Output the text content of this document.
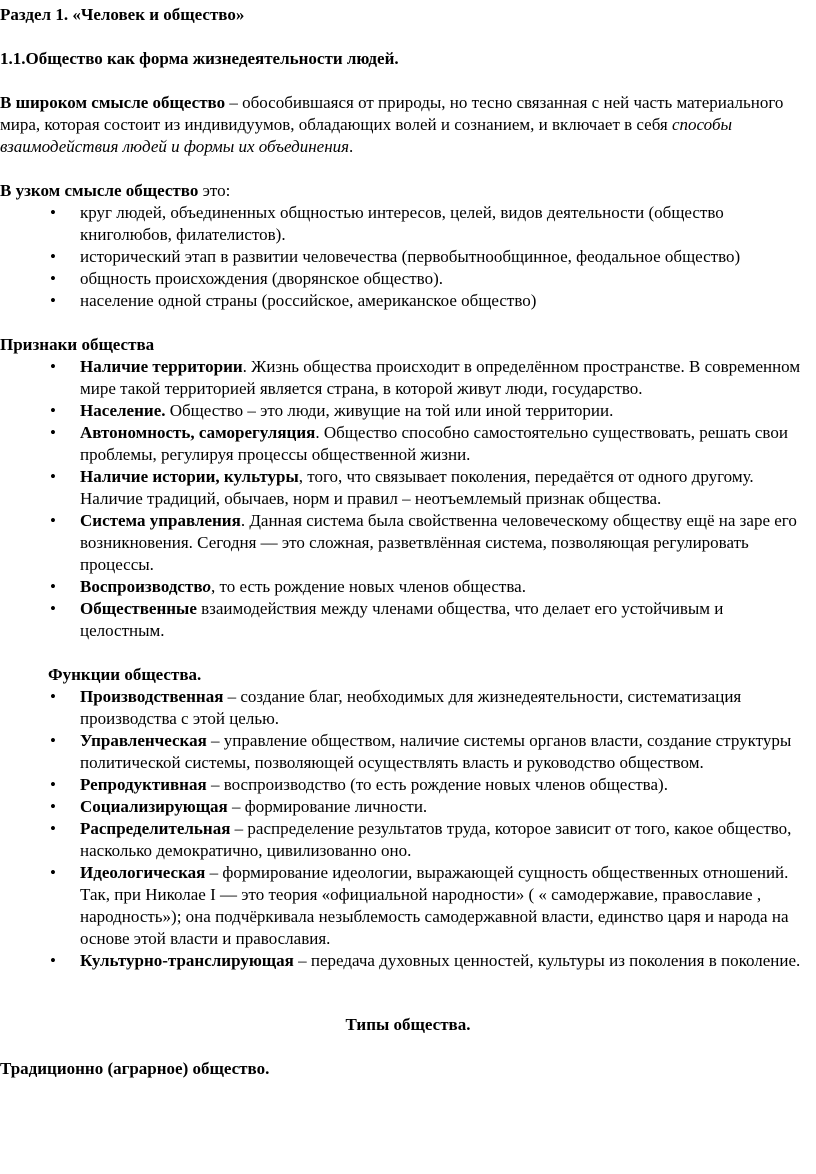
Раздел 1. «Человек и общество»

1.1.Общество как форма жизнедеятельности людей.

В широком смысле общество – обособившаяся от природы, но тесно связанная с ней часть материального мира, которая состоит из индивидуумов, обладающих волей и сознанием, и включает в себя способы взаимодействия людей и формы их объединения.

В узком смысле общество это:

• круг людей, объединенных общностью интересов, целей, видов деятельности (общество книголюбов, филателистов).
• исторический этап в развитии человечества (первобытнообщинное, феодальное общество)
• общность происхождения (дворянское общество).
• население одной страны (российское, американское общество)

Признаки общества

• Наличие территории. Жизнь общества происходит в определённом пространстве. В современном мире такой территорией является страна, в которой живут люди, государство.
• Население. Общество – это люди, живущие на той или иной территории.
• Автономность, саморегуляция. Общество способно самостоятельно существовать, решать свои проблемы, регулируя процессы общественной жизни.
• Наличие истории, культуры, того, что связывает поколения, передаётся от одного другому. Наличие традиций, обычаев, норм и правил – неотъемлемый признак общества.
• Система управления. Данная система была свойственна человеческому обществу ещё на заре его возникновения. Сегодня — это сложная, разветвлённая система, позволяющая регулировать процессы.
• Воспроизводство, то есть рождение новых членов общества.
• Общественные взаимодействия между членами общества, что делает его устойчивым и целостным.

Функции общества.

• Производственная – создание благ, необходимых для жизнедеятельности, систематизация производства с этой целью.
• Управленческая – управление обществом, наличие системы органов власти, создание структуры политической системы, позволяющей осуществлять власть и руководство обществом.
• Репродуктивная – воспроизводство (то есть рождение новых членов общества).
• Социализирующая – формирование личности.
• Распределительная – распределение результатов труда, которое зависит от того, какое общество, насколько демократично, цивилизованно оно.
• Идеологическая – формирование идеологии, выражающей сущность общественных отношений. Так, при Николае I — это теория «официальной народности» ( « самодержавие, православие , народность»); она подчёркивала незыблемость самодержавной власти, единство царя и народа на основе этой власти и православия.
• Культурно-транслирующая – передача духовных ценностей, культуры из поколения в поколение.

Типы общества.

Традиционно (аграрное) общество.
